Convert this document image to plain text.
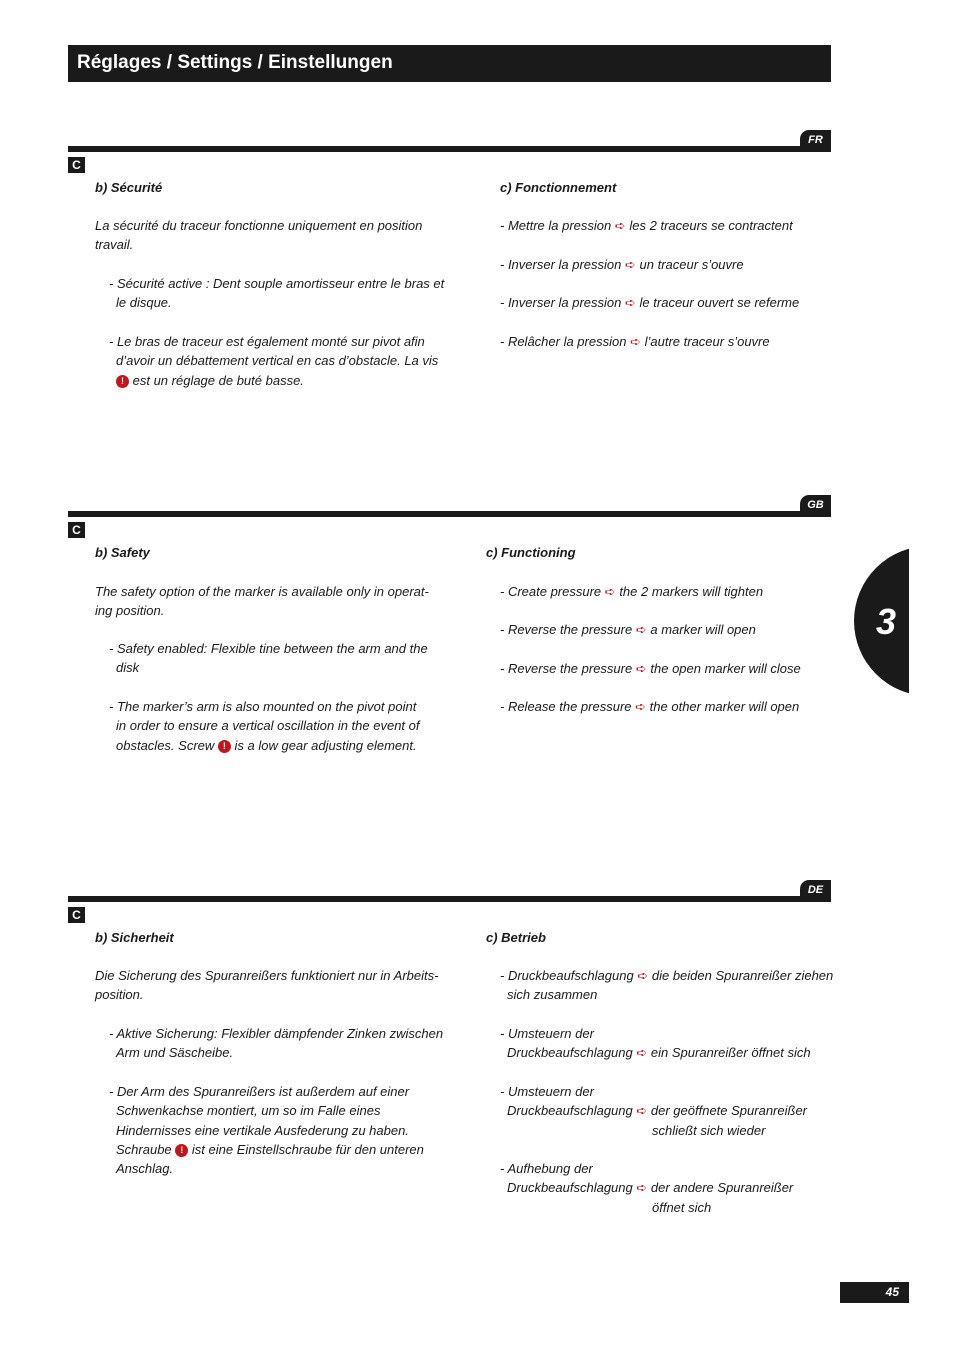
Réglages / Settings / Einstellungen
FR
C
b) Sécurité
La sécurité du traceur fonctionne uniquement en position
travail.
- Sécurité active : Dent souple amortisseur entre le bras et
le disque.
- Le bras de traceur est également monté sur pivot afin
d’avoir un débattement vertical en cas d’obstacle. La vis
! est un réglage de buté basse.
c) Fonctionnement
- Mettre la pression ➪ les 2 traceurs se contractent
- Inverser la pression ➪ un traceur s’ouvre
- Inverser la pression ➪ le traceur ouvert se referme
- Relâcher la pression ➪ l’autre traceur s’ouvre
GB
C
b) Safety
The safety option of the marker is available only in operat-
ing position.
- Safety enabled: Flexible tine between the arm and the
disk
- The marker’s arm is also mounted on the pivot point
in order to ensure a vertical oscillation in the event of
obstacles. Screw ! is a low gear adjusting element.
c) Functioning
- Create pressure ➪ the 2 markers will tighten
- Reverse the pressure ➪ a marker will open
- Reverse the pressure ➪ the open marker will close
- Release the pressure ➪ the other marker will open
DE
C
b) Sicherheit
Die Sicherung des Spuranreißers funktioniert nur in Arbeits-
position.
- Aktive Sicherung: Flexibler dämpfender Zinken zwischen
Arm und Säscheibe.
- Der Arm des Spuranreißers ist außerdem auf einer
Schwenkachse montiert, um so im Falle eines
Hindernisses eine vertikale Ausfederung zu haben.
Schraube ! ist eine Einstellschraube für den unteren
Anschlag.
c) Betrieb
- Druckbeaufschlagung ➪ die beiden Spuranreißer ziehen
sich zusammen
- Umsteuern der
Druckbeaufschlagung ➪ ein Spuranreißer öffnet sich
- Umsteuern der
Druckbeaufschlagung ➪ der geöffnete Spuranreißer
schließt sich wieder
- Aufhebung der
Druckbeaufschlagung ➪ der andere Spuranreißer
öffnet sich
3
45
